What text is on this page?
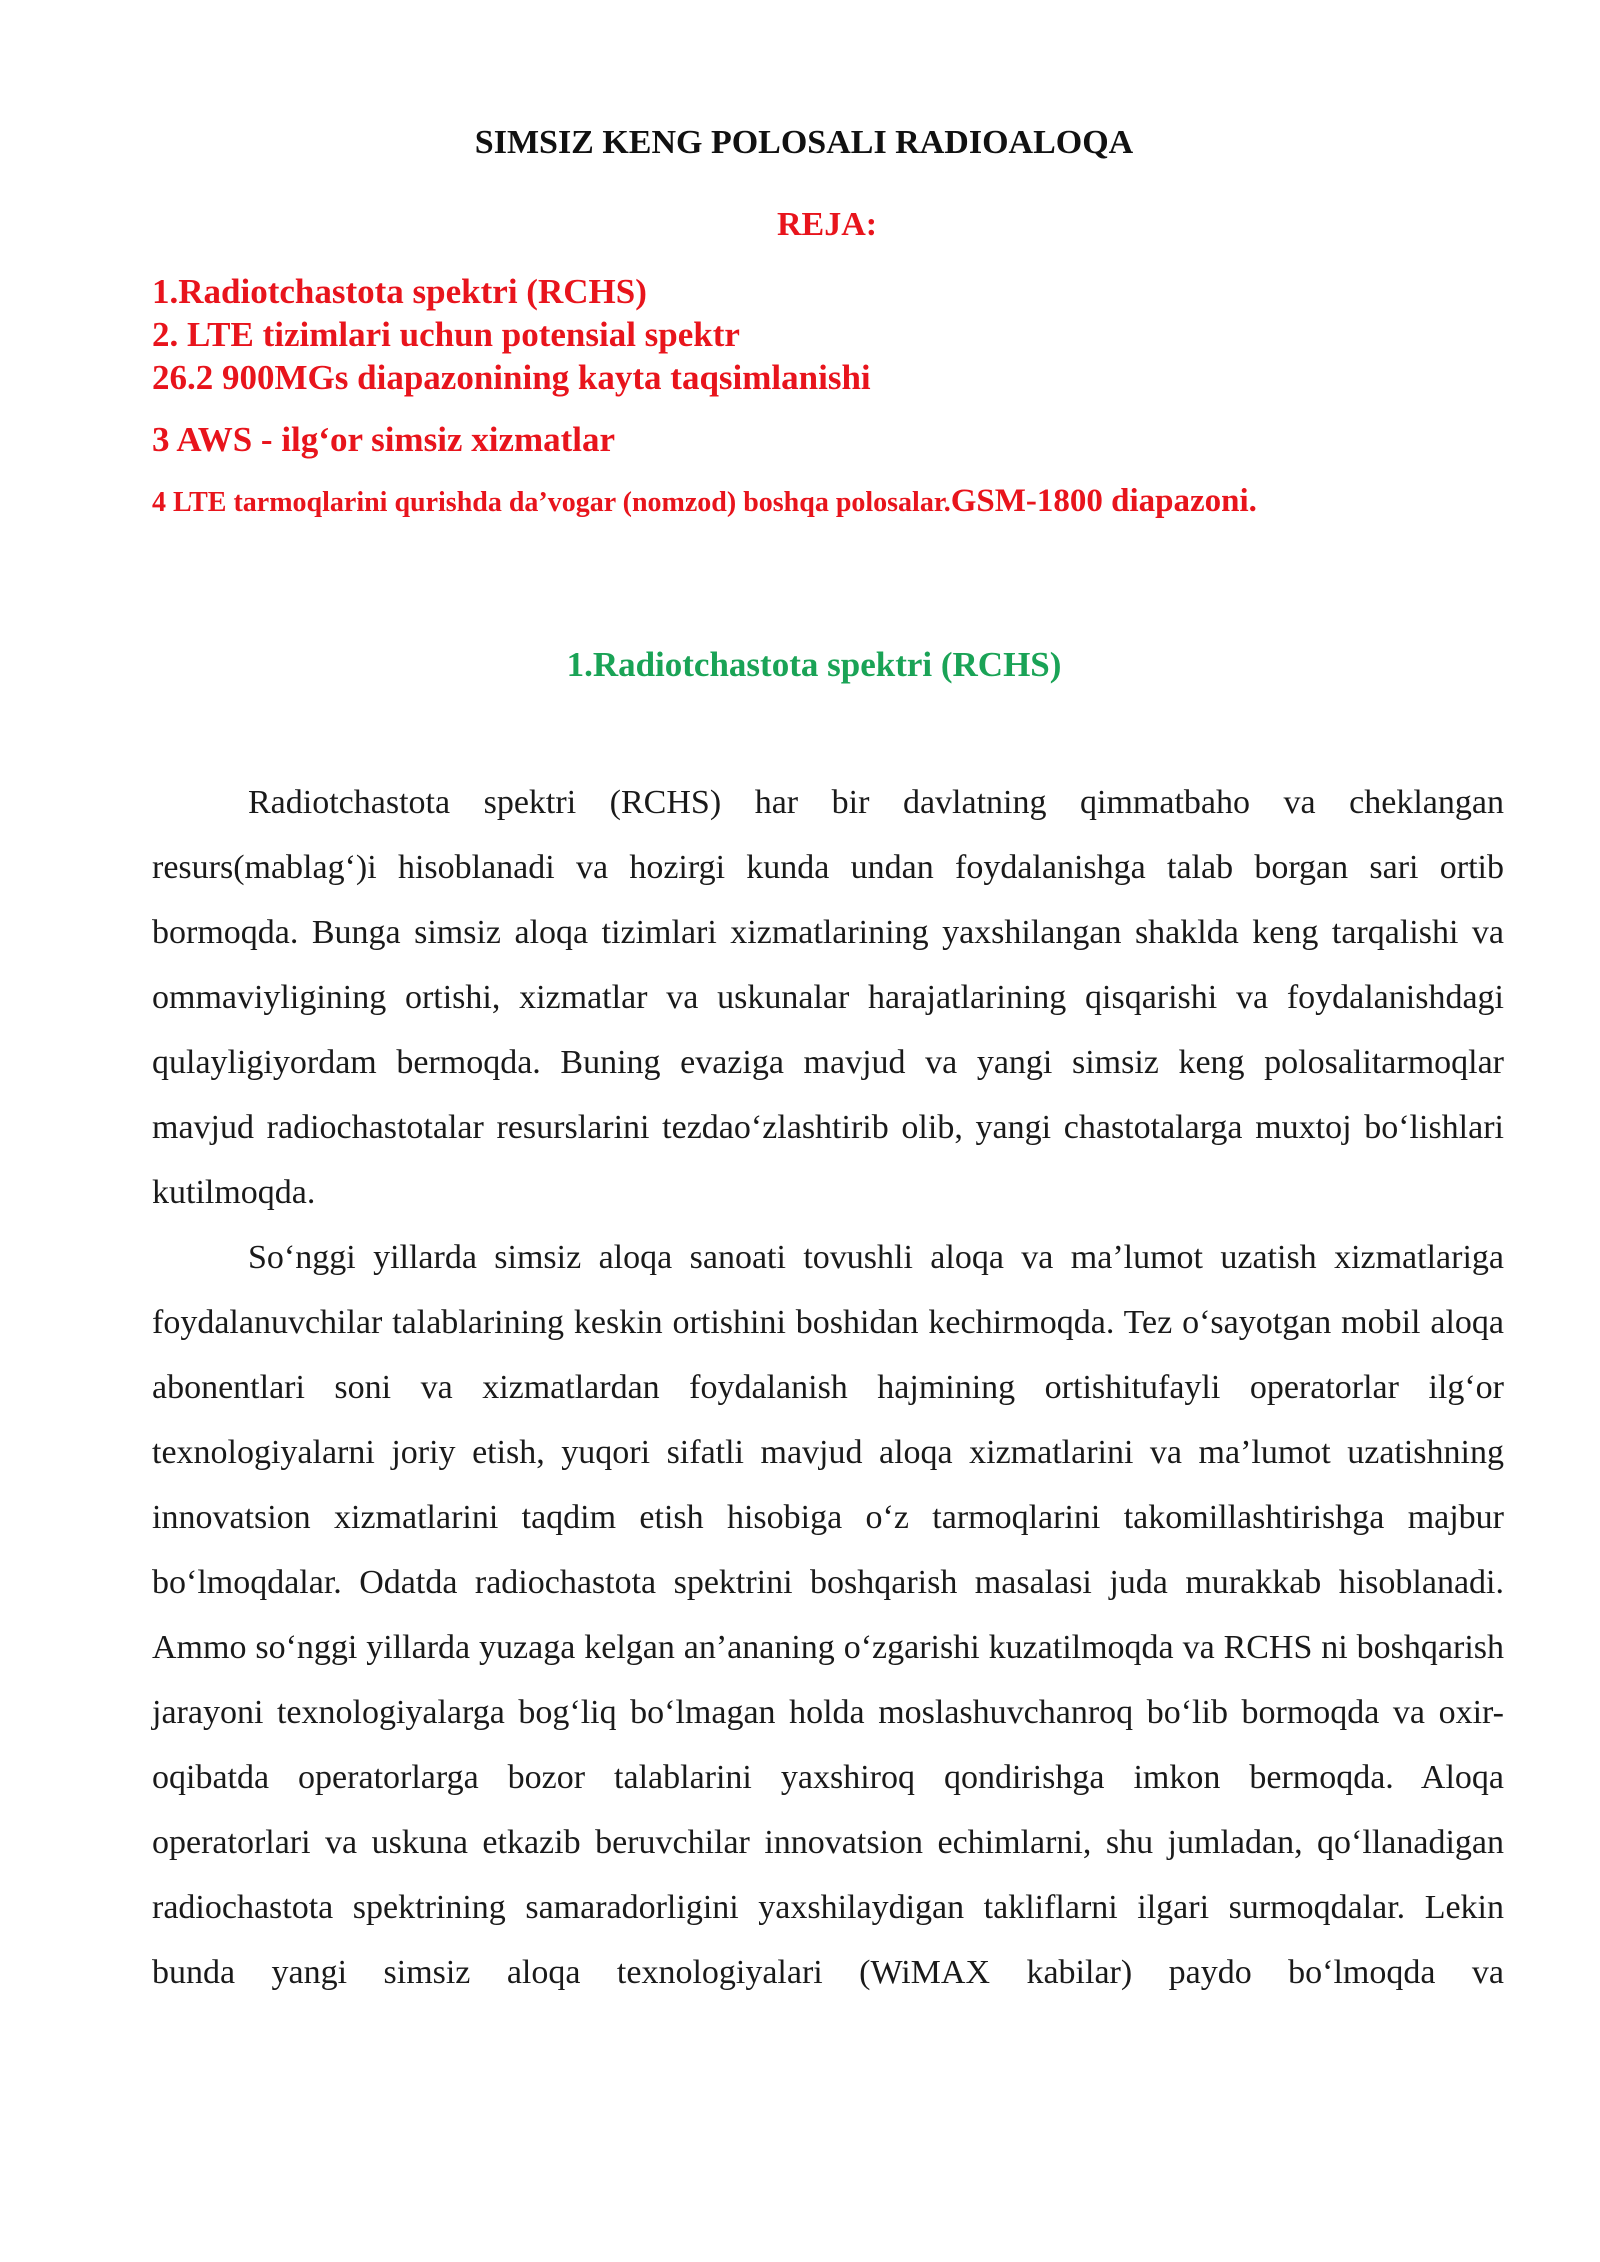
SIMSIZ KENG POLOSALI RADIOALOQA
REJA:
1.Radiotchastota spektri (RCHS)
2. LTE tizimlari uchun potensial spektr
26.2 900MGs diapazonining kayta taqsimlanishi
3 AWS - ilg‘or simsiz xizmatlar
4 LTE tarmoqlarini qurishda da’vogar (nomzod) boshqa polosalar.GSM-1800 diapazoni.
1.Radiotchastota spektri (RCHS)

Radiotchastota spektri (RCHS) har bir davlatning qimmatbaho va cheklangan resurs(mablag‘)i hisoblanadi va hozirgi kunda undan foydalanishga talab borgan sari ortib bormoqda. Bunga simsiz aloqa tizimlari xizmatlarining yaxshilangan shaklda keng tarqalishi va ommaviyligining ortishi, xizmatlar va uskunalar harajatlarining qisqarishi va foydalanishdagi qulayligiyordam bermoqda. Buning evaziga mavjud va yangi simsiz keng polosalitarmoqlar mavjud radiochastotalar resurslarini tezdao‘zlashtirib olib, yangi chastotalarga muxtoj bo‘lishlari kutilmoqda.

So‘nggi yillarda simsiz aloqa sanoati tovushli aloqa va ma’lumot uzatish xizmatlariga foydalanuvchilar talablarining keskin ortishini boshidan kechirmoqda. Tez o‘sayotgan mobil aloqa abonentlari soni va xizmatlardan foydalanish hajmining ortishitufayli operatorlar ilg‘or texnologiyalarni joriy etish, yuqori sifatli mavjud aloqa xizmatlarini va ma’lumot uzatishning innovatsion xizmatlarini taqdim etish hisobiga o‘z tarmoqlarini takomillashtirishga majbur bo‘lmoqdalar. Odatda radiochastota spektrini boshqarish masalasi juda murakkab hisoblanadi. Ammo so‘nggi yillarda yuzaga kelgan an’ananing o‘zgarishi kuzatilmoqda va RCHS ni boshqarish jarayoni texnologiyalarga bog‘liq bo‘lmagan holda moslashuvchanroq bo‘lib bormoqda va oxir-oqibatda operatorlarga bozor talablarini yaxshiroq qondirishga imkon bermoqda. Aloqa operatorlari va uskuna etkazib beruvchilar innovatsion echimlarni, shu jumladan, qo‘llanadigan radiochastota spektrining samaradorligini yaxshilaydigan takliflarni ilgari surmoqdalar. Lekin bunda yangi simsiz aloqa texnologiyalari (WiMAX kabilar) paydo bo‘lmoqda va
